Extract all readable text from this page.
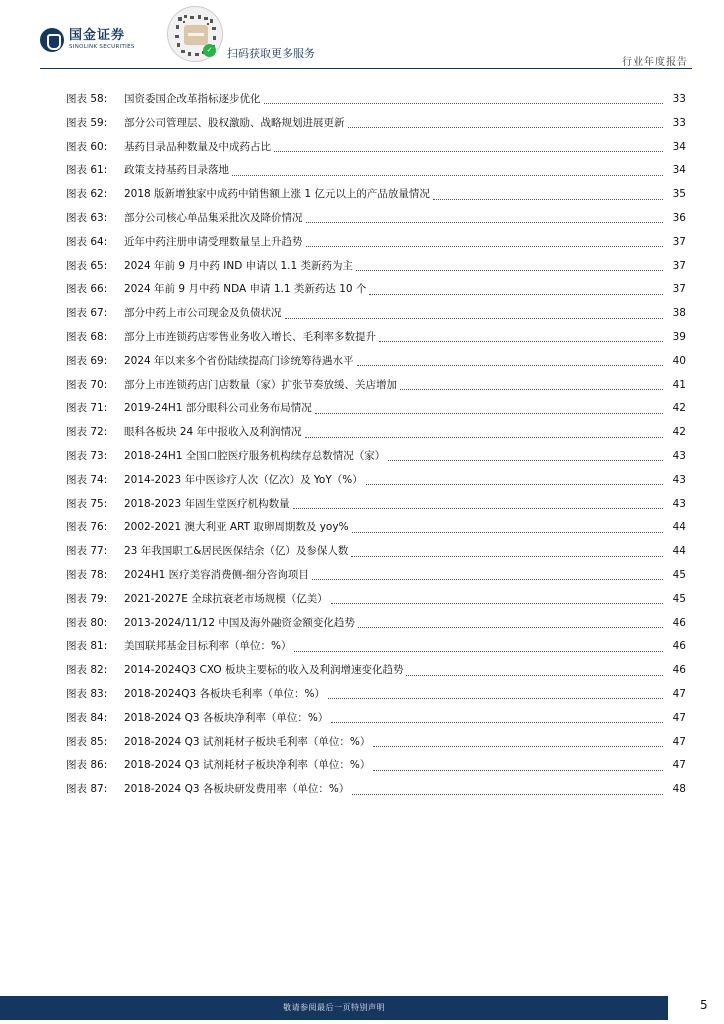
国金证券
SINOLINK SECURITIES	✓	扫码获取更多服务
行业年度报告
图表 58:	国资委国企改革指标逐步优化	33
图表 59:	部分公司管理层、股权激励、战略规划进展更新	33
图表 60:	基药目录品种数量及中成药占比	34
图表 61:	政策支持基药目录落地	34
图表 62:	2018 版新增独家中成药中销售额上涨 1 亿元以上的产品放量情况	35
图表 63:	部分公司核心单品集采批次及降价情况	36
图表 64:	近年中药注册申请受理数量呈上升趋势	37
图表 65:	2024 年前 9 月中药 IND 申请以 1.1 类新药为主	37
图表 66:	2024 年前 9 月中药 NDA 申请 1.1 类新药达 10 个	37
图表 67:	部分中药上市公司现金及负债状况	38
图表 68:	部分上市连锁药店零售业务收入增长、毛利率多数提升	39
图表 69:	2024 年以来多个省份陆续提高门诊统筹待遇水平	40
图表 70:	部分上市连锁药店门店数量（家）扩张节奏放缓、关店增加	41
图表 71:	2019-24H1 部分眼科公司业务布局情况	42
图表 72:	眼科各板块 24 年中报收入及利润情况	42
图表 73:	2018-24H1 全国口腔医疗服务机构续存总数情况（家）	43
图表 74:	2014-2023 年中医诊疗人次（亿次）及 YoY（%）	43
图表 75:	2018-2023 年固生堂医疗机构数量	43
图表 76:	2002-2021 澳大利亚 ART 取卵周期数及 yoy%	44
图表 77:	23 年我国职工&居民医保结余（亿）及参保人数	44
图表 78:	2024H1 医疗美容消费侧-细分咨询项目	45
图表 79:	2021-2027E 全球抗衰老市场规模（亿美）	45
图表 80:	2013-2024/11/12 中国及海外融资金额变化趋势	46
图表 81:	美国联邦基金目标利率（单位：%）	46
图表 82:	2014-2024Q3 CXO 板块主要标的收入及利润增速变化趋势	46
图表 83:	2018-2024Q3 各板块毛利率（单位：%）	47
图表 84:	2018-2024 Q3 各板块净利率（单位：%）	47
图表 85:	2018-2024 Q3 试剂耗材子板块毛利率（单位：%）	47
图表 86:	2018-2024 Q3 试剂耗材子板块净利率（单位：%）	47
图表 87:	2018-2024 Q3 各板块研发费用率（单位：%）	48
敬请参阅最后一页特别声明	5
